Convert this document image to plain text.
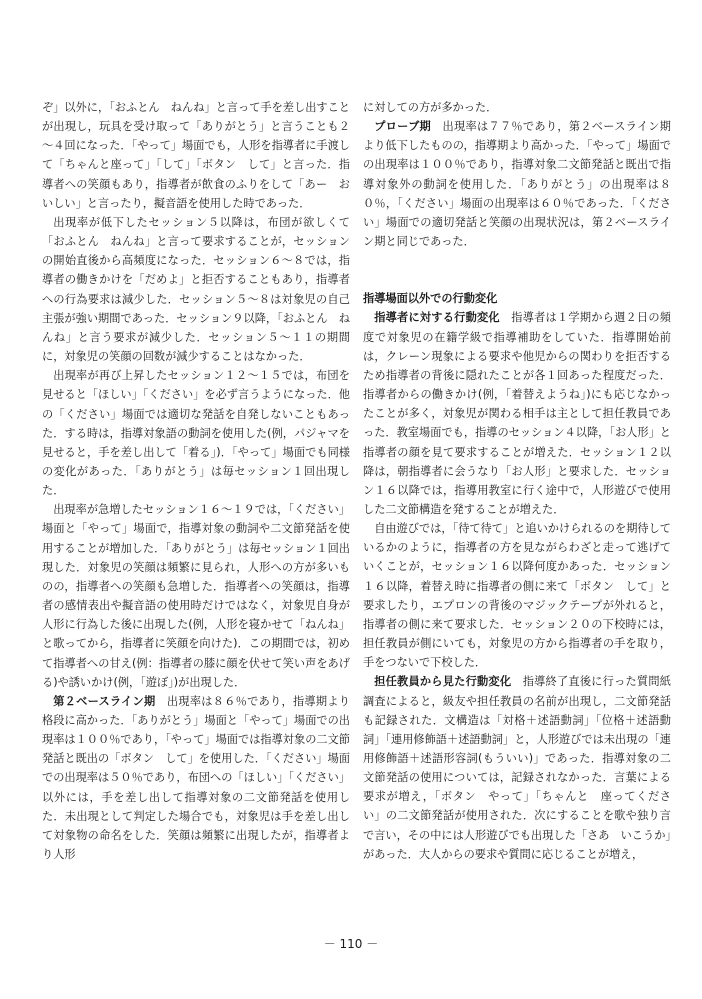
ぞ」以外に，「おふとん　ねんね」と言って手を差し出すことが出現し，玩具を受け取って「ありがとう」と言うことも２～４回になった．「やって」場面でも，人形を指導者に手渡して「ちゃんと座って」「して」「ボタン　して」と言った．指導者への笑顔もあり，指導者が飲食のふりをして「あー　おいしい」と言ったり，擬音語を使用した時であった．

出現率が低下したセッション５以降は，布団が欲しくて「おふとん　ねんね」と言って要求することが，セッションの開始直後から高頻度になった．セッション６～８では，指導者の働きかけを「だめよ」と拒否することもあり，指導者への行為要求は減少した．セッション５～８は対象児の自己主張が強い期間であった．セッション９以降，「おふとん　ねんね」と言う要求が減少した．セッション５～１１の期間に，対象児の笑顔の回数が減少することはなかった．

出現率が再び上昇したセッション１２～１５では，布団を見せると「ほしい」「ください」を必ず言うようになった．他の「ください」場面では適切な発話を自発しないこともあった．する時は，指導対象語の動詞を使用した(例，パジャマを見せると，手を差し出して「着る」)．「やって」場面でも同様の変化があった．「ありがとう」は毎セッション１回出現した．

出現率が急増したセッション１６～１９では，「ください」場面と「やって」場面で，指導対象の動詞や二文節発話を使用することが増加した．「ありがとう」は毎セッション１回出現した．対象児の笑顔は頻繁に見られ，人形への方が多いものの，指導者への笑顔も急増した．指導者への笑顔は，指導者の感情表出や擬音語の使用時だけではなく，対象児自身が人形に行為した後に出現した(例，人形を寝かせて「ねんね」と歌ってから，指導者に笑顔を向けた)．この期間では，初めて指導者への甘え(例：指導者の膝に顔を伏せて笑い声をあげる)や誘いかけ(例，「遊ぼ」)が出現した．

第２ベースライン期　 出現率は８６％であり，指導期より格段に高かった．「ありがとう」場面と「やって」場面での出現率は１００％であり，「やって」場面では指導対象の二文節発話と既出の「ボタン　して」を使用した．「ください」場面での出現率は５０％であり，布団への「ほしい」「ください」以外には，手を差し出して指導対象の二文節発話を使用した．未出現として判定した場合でも，対象児は手を差し出して対象物の命名をした．笑顔は頻繁に出現したが，指導者より人形

に対しての方が多かった．

プローブ期　 出現率は７７％であり，第２ベースライン期より低下したものの，指導期より高かった．「やって」場面での出現率は１００％であり，指導対象二文節発話と既出で指導対象外の動詞を使用した．「ありがとう」の出現率は８０％，「ください」場面の出現率は６０％であった．「ください」場面での適切発話と笑顔の出現状況は，第２ベースライン期と同じであった．

指導場面以外での行動変化

指導者に対する行動変化　 指導者は１学期から週２日の頻度で対象児の在籍学級で指導補助をしていた．指導開始前は，クレーン現象による要求や他児からの関わりを拒否するため指導者の背後に隠れたことが各１回あった程度だった．指導者からの働きかけ(例，「着替えようね」)にも応じなかったことが多く，対象児が関わる相手は主として担任教員であった．教室場面でも，指導のセッション４以降，「お人形」と指導者の顔を見て要求することが増えた．セッション１２以降は，朝指導者に会うなり「お人形」と要求した．セッション１６以降では，指導用教室に行く途中で，人形遊びで使用した二文節構造を発することが増えた．

自由遊びでは，「待て待て」と追いかけられるのを期待しているかのように，指導者の方を見ながらわざと走って逃げていくことが，セッション１６以降何度かあった．セッション１６以降，着替え時に指導者の側に来て「ボタン　して」と要求したり，エプロンの背後のマジックテープが外れると，指導者の側に来て要求した．セッション２０の下校時には，担任教員が側にいても，対象児の方から指導者の手を取り，手をつないで下校した．

担任教員から見た行動変化　 指導終了直後に行った質問紙調査によると，級友や担任教員の名前が出現し，二文節発話も記録された．文構造は「対格＋述語動詞」「位格＋述語動詞」「連用修飾語＋述語動詞」と，人形遊びでは未出現の「連用修飾語＋述語形容詞(もういい)」であった．指導対象の二文節発話の使用については，記録されなかった．言葉による要求が増え，「ボタン　やって」「ちゃんと　座ってください」の二文節発話が使用された．次にすることを歌や独り言で言い，その中には人形遊びでも出現した「さあ　いこうか」があった．大人からの要求や質問に応じることが増え，

－ 110 －
